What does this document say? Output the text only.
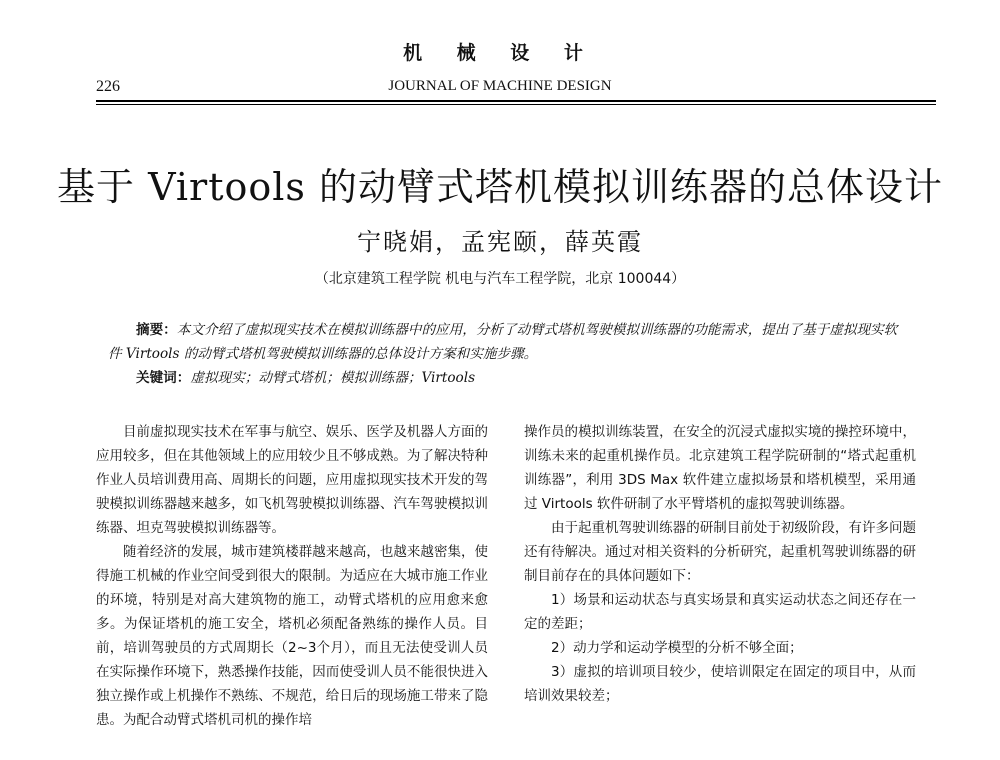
机 械 设 计
226	JOURNAL OF MACHINE DESIGN
基于 Virtools 的动臂式塔机模拟训练器的总体设计
宁晓娟，孟宪颐，薛英霞
（北京建筑工程学院 机电与汽车工程学院，北京 100044）

摘要：本文介绍了虚拟现实技术在模拟训练器中的应用，分析了动臂式塔机驾驶模拟训练器的功能需求，提出了基于虚拟现实软件 Virtools 的动臂式塔机驾驶模拟训练器的总体设计方案和实施步骤。

关键词：虚拟现实；动臂式塔机；模拟训练器；Virtools

目前虚拟现实技术在军事与航空、娱乐、医学及机器人方面的应用较多，但在其他领域上的应用较少且不够成熟。为了解决特种作业人员培训费用高、周期长的问题，应用虚拟现实技术开发的驾驶模拟训练器越来越多，如飞机驾驶模拟训练器、汽车驾驶模拟训练器、坦克驾驶模拟训练器等。

随着经济的发展，城市建筑楼群越来越高，也越来越密集，使得施工机械的作业空间受到很大的限制。为适应在大城市施工作业的环境，特别是对高大建筑物的施工，动臂式塔机的应用愈来愈多。为保证塔机的施工安全，塔机必须配备熟练的操作人员。目前，培训驾驶员的方式周期长（2~3个月），而且无法使受训人员在实际操作环境下，熟悉操作技能，因而使受训人员不能很快进入独立操作或上机操作不熟练、不规范，给日后的现场施工带来了隐患。为配合动臂式塔机司机的操作培

操作员的模拟训练装置，在安全的沉浸式虚拟实境的操控环境中，训练未来的起重机操作员。北京建筑工程学院研制的“塔式起重机训练器”，利用 3DS Max 软件建立虚拟场景和塔机模型，采用通过 Virtools 软件研制了水平臂塔机的虚拟驾驶训练器。

由于起重机驾驶训练器的研制目前处于初级阶段，有许多问题还有待解决。通过对相关资料的分析研究，起重机驾驶训练器的研制目前存在的具体问题如下：

1）场景和运动状态与真实场景和真实运动状态之间还存在一定的差距；

2）动力学和运动学模型的分析不够全面；

3）虚拟的培训项目较少，使培训限定在固定的项目中，从而培训效果较差；
